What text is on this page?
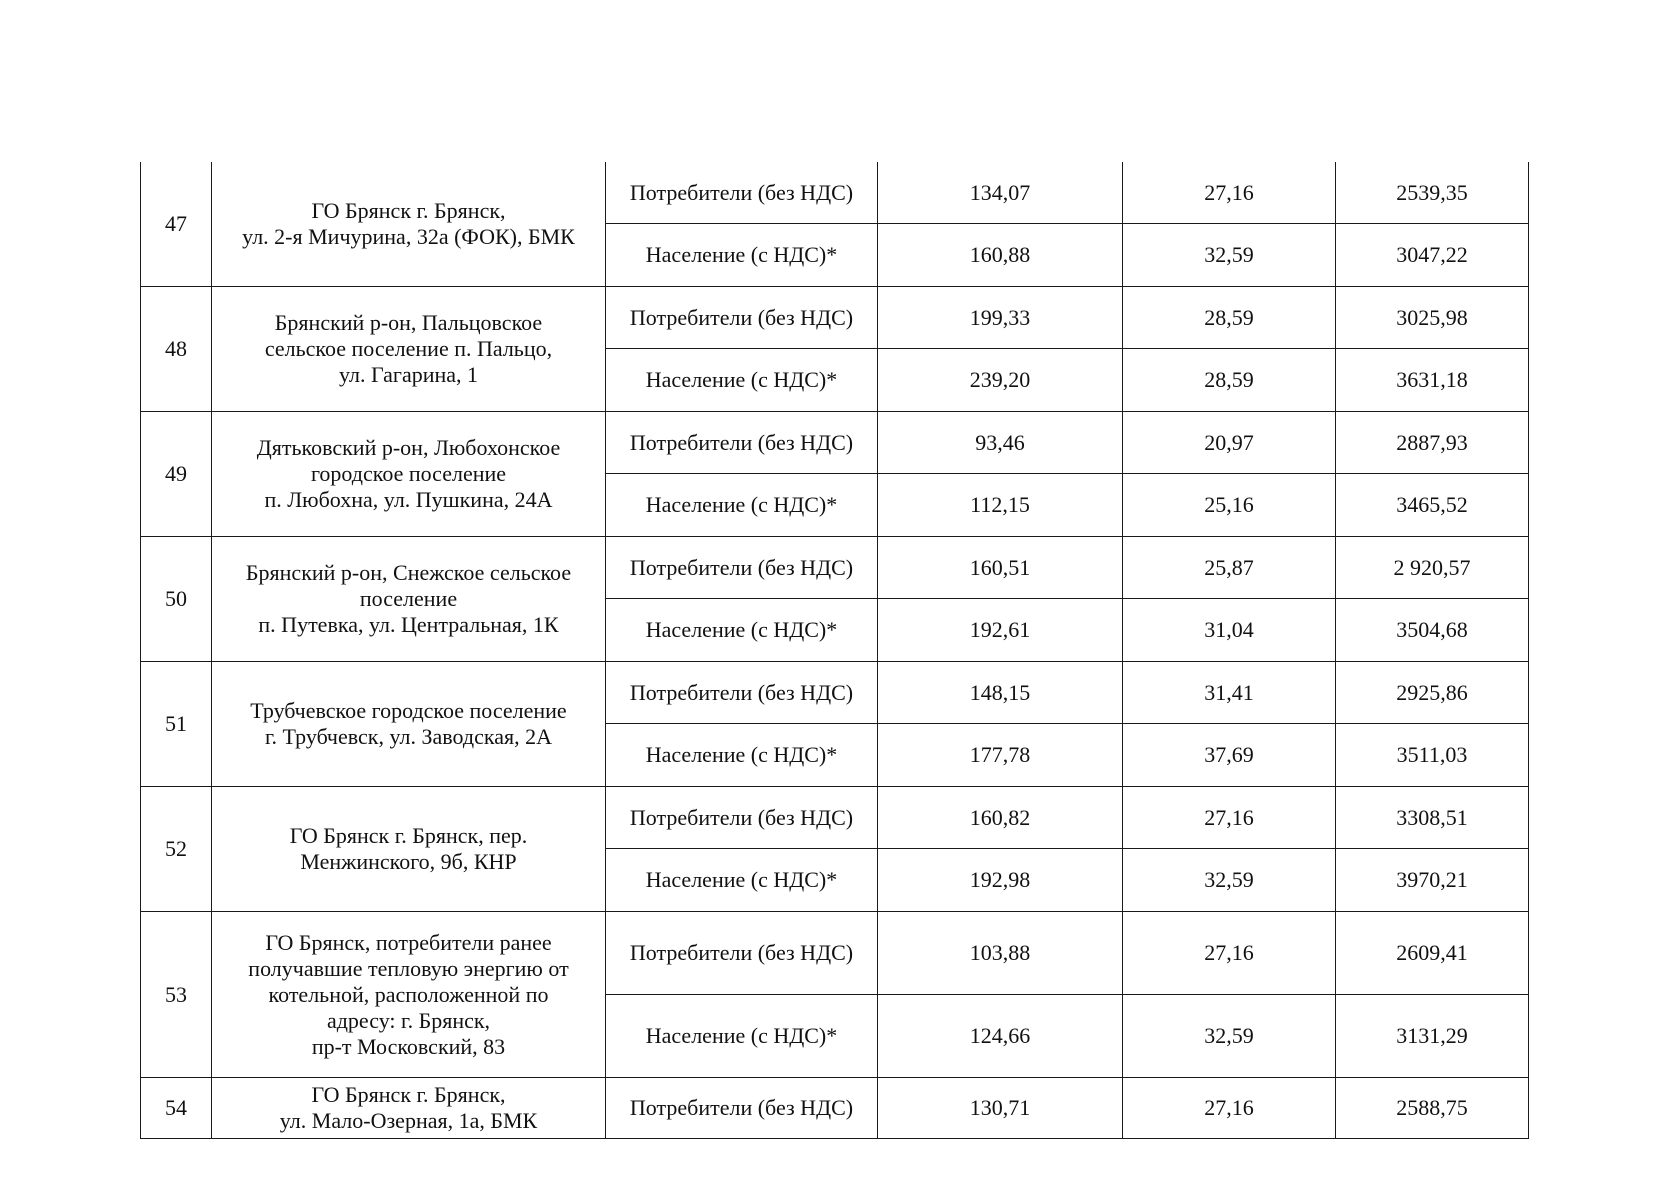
47	ГО Брянск г. Брянск,
ул. 2-я Мичурина, 32а (ФОК), БМК	Потребители (без НДС)	134,07	27,16	2539,35
		Население (с НДС)*	160,88	32,59	3047,22
48	Брянский р-он, Пальцовское
сельское поселение п. Пальцо,
ул. Гагарина, 1	Потребители (без НДС)	199,33	28,59	3025,98
		Население (с НДС)*	239,20	28,59	3631,18
49	Дятьковский р-он, Любохонское
городское поселение
п. Любохна, ул. Пушкина, 24А	Потребители (без НДС)	93,46	20,97	2887,93
		Население (с НДС)*	112,15	25,16	3465,52
50	Брянский р-он, Снежское сельское
поселение
п. Путевка, ул. Центральная, 1К	Потребители (без НДС)	160,51	25,87	2 920,57
		Население (с НДС)*	192,61	31,04	3504,68
51	Трубчевское городское поселение
г. Трубчевск, ул. Заводская, 2А	Потребители (без НДС)	148,15	31,41	2925,86
		Население (с НДС)*	177,78	37,69	3511,03
52	ГО Брянск г. Брянск, пер.
Менжинского, 9б, КНР	Потребители (без НДС)	160,82	27,16	3308,51
		Население (с НДС)*	192,98	32,59	3970,21
53	ГО Брянск, потребители ранее
получавшие тепловую энергию от
котельной, расположенной по
адресу: г. Брянск,
пр-т Московский, 83	Потребители (без НДС)	103,88	27,16	2609,41
		Население (с НДС)*	124,66	32,59	3131,29
54	ГО Брянск г. Брянск,
ул. Мало-Озерная, 1а, БМК	Потребители (без НДС)	130,71	27,16	2588,75
